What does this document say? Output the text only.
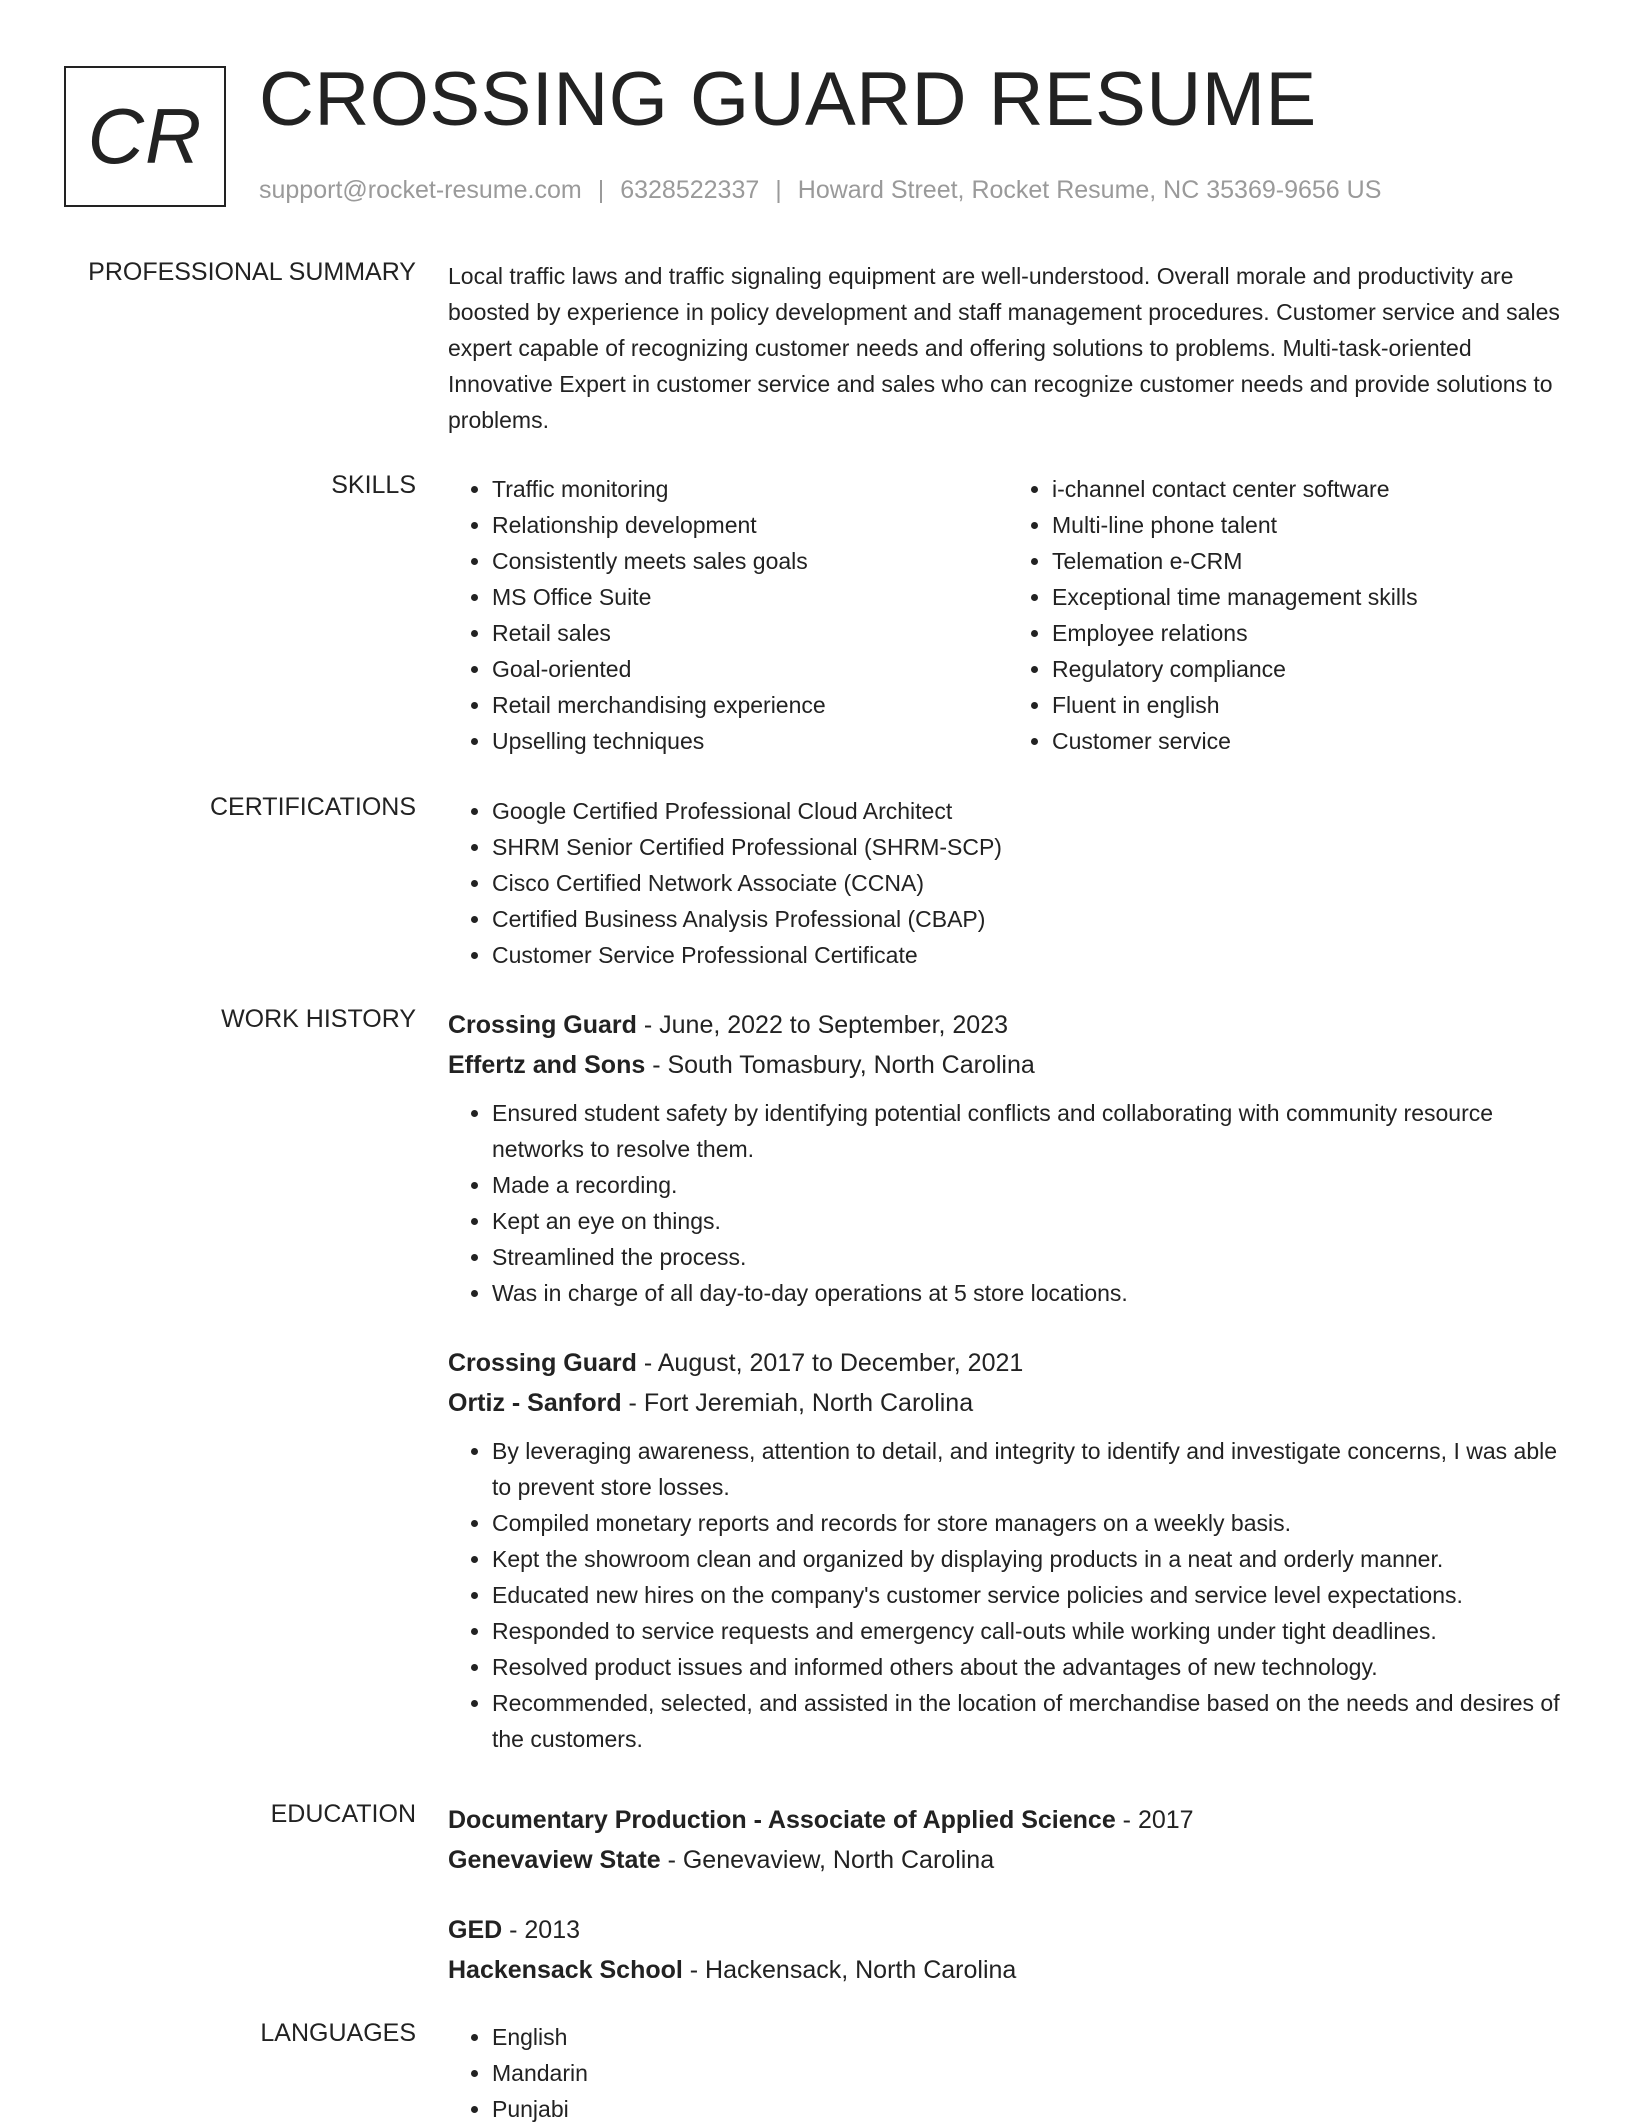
CR CROSSING GUARD RESUME
support@rocket-resume.com | 6328522337 | Howard Street, Rocket Resume, NC 35369-9656 US
PROFESSIONAL SUMMARY Local traffic laws and traffic signaling equipment are well-understood. Overall morale and productivity are boosted by experience in policy development and staff management procedures. Customer service and sales expert capable of recognizing customer needs and offering solutions to problems. Multi-task-oriented Innovative Expert in customer service and sales who can recognize customer needs and provide solutions to problems.
SKILLS	• Traffic monitoring
• Relationship development
• Consistently meets sales goals
• MS Office Suite
• Retail sales
• Goal-oriented
• Retail merchandising experience
• Upselling techniques
• i-channel contact center software
• Multi-line phone talent
• Telemation e-CRM
• Exceptional time management skills
• Employee relations
• Regulatory compliance
• Fluent in english
• Customer service
CERTIFICATIONS	• Google Certified Professional Cloud Architect
• SHRM Senior Certified Professional (SHRM-SCP)
• Cisco Certified Network Associate (CCNA)
• Certified Business Analysis Professional (CBAP)
• Customer Service Professional Certificate
WORK HISTORY Crossing Guard - June, 2022 to September, 2023
Effertz and Sons - South Tomasbury, North Carolina
• Ensured student safety by identifying potential conflicts and collaborating with community resource networks to resolve them.
• Made a recording.
• Kept an eye on things.
• Streamlined the process.
• Was in charge of all day-to-day operations at 5 store locations.
Crossing Guard - August, 2017 to December, 2021
Ortiz - Sanford - Fort Jeremiah, North Carolina
• By leveraging awareness, attention to detail, and integrity to identify and investigate concerns, I was able to prevent store losses.
• Compiled monetary reports and records for store managers on a weekly basis.
• Kept the showroom clean and organized by displaying products in a neat and orderly manner.
• Educated new hires on the company's customer service policies and service level expectations.
• Responded to service requests and emergency call-outs while working under tight deadlines.
• Resolved product issues and informed others about the advantages of new technology.
• Recommended, selected, and assisted in the location of merchandise based on the needs and desires of the customers.
EDUCATION Documentary Production - Associate of Applied Science - 2017
Genevaview State - Genevaview, North Carolina
GED - 2013
Hackensack School - Hackensack, North Carolina
LANGUAGES	• English
• Mandarin
• Punjabi
